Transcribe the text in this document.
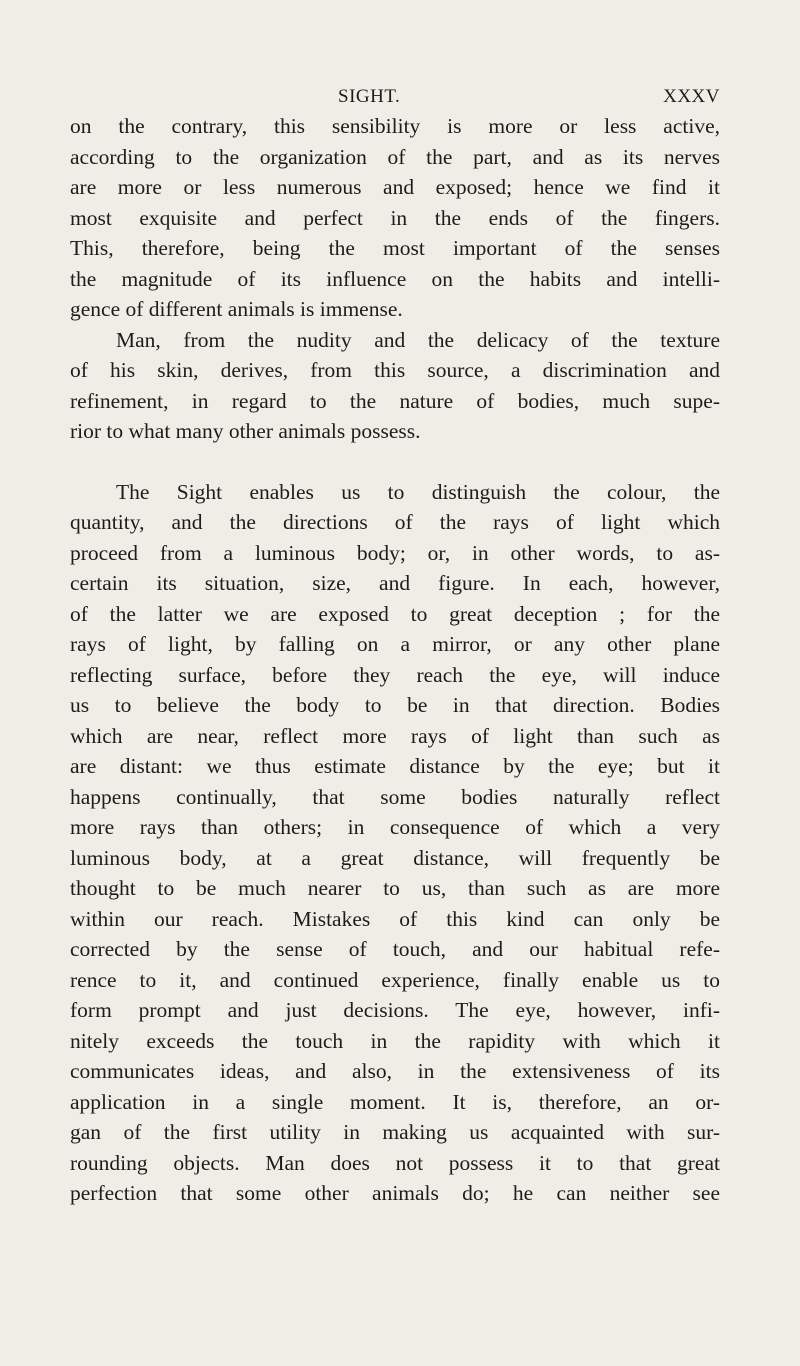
SIGHT.	XXXV
on the contrary, this sensibility is more or less active,
according to the organization of the part, and as its nerves
are more or less numerous and exposed; hence we find it
most exquisite and perfect in the ends of the fingers.
This, therefore, being the most important of the senses
the magnitude of its influence on the habits and intelli-
gence of different animals is immense.
Man, from the nudity and the delicacy of the texture
of his skin, derives, from this source, a discrimination and
refinement, in regard to the nature of bodies, much supe-
rior to what many other animals possess.
The Sight enables us to distinguish the colour, the
quantity, and the directions of the rays of light which
proceed from a luminous body; or, in other words, to as-
certain its situation, size, and figure. In each, however,
of the latter we are exposed to great deception ; for the
rays of light, by falling on a mirror, or any other plane
reflecting surface, before they reach the eye, will induce
us to believe the body to be in that direction. Bodies
which are near, reflect more rays of light than such as
are distant: we thus estimate distance by the eye; but it
happens continually, that some bodies naturally reflect
more rays than others; in consequence of which a very
luminous body, at a great distance, will frequently be
thought to be much nearer to us, than such as are more
within our reach. Mistakes of this kind can only be
corrected by the sense of touch, and our habitual refe-
rence to it, and continued experience, finally enable us to
form prompt and just decisions. The eye, however, infi-
nitely exceeds the touch in the rapidity with which it
communicates ideas, and also, in the extensiveness of its
application in a single moment. It is, therefore, an or-
gan of the first utility in making us acquainted with sur-
rounding objects. Man does not possess it to that great
perfection that some other animals do; he can neither see
